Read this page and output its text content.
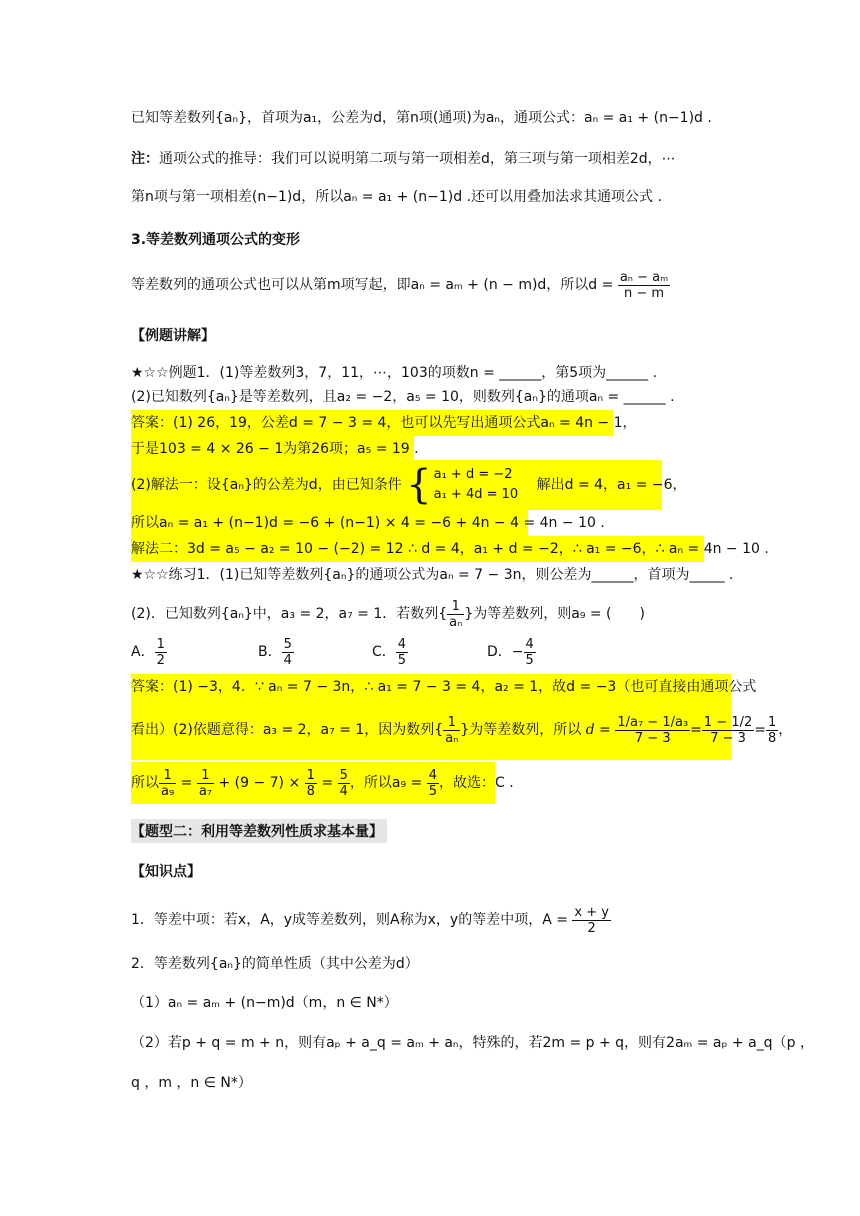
已知等差数列{aₙ}，首项为a₁，公差为d，第n项(通项)为aₙ，通项公式：aₙ = a₁ + (n−1)d .
注：通项公式的推导：我们可以说明第二项与第一项相差d，第三项与第一项相差2d，⋯
第n项与第一项相差(n−1)d，所以aₙ = a₁ + (n−1)d .还可以用叠加法求其通项公式 .
3.等差数列通项公式的变形
等差数列的通项公式也可以从第m项写起，即aₙ = aₘ + (n − m)d，所以$d = \frac{\text{aₙ − aₘ}}{n - m}$
【例题讲解】
★☆☆例题1．(1)等差数列3，7，11，⋯，103的项数n = ______，第5项为______ .
(2)已知数列{aₙ}是等差数列，且a₂ = −2，a₅ = 10，则数列{aₙ}的通项aₙ = ______ .
答案：(1) 26，19，公差d = 7 − 3 = 4，也可以先写出通项公式aₙ = 4n − 1，
于是103 = 4 × 26 − 1为第26项；a₅ = 19 .
(2)解法一：设{aₙ}的公差为d，由已知条件 { a₁ + d = −2
a₁ + 4d = 10
解出d = 4，a₁ = −6，
所以aₙ = a₁ + (n−1)d = −6 + (n−1) × 4 = −6 + 4n − 4 = 4n − 10 .
解法二：3d = a₅ − a₂ = 10 − (−2) = 12 ∴ d = 4，a₁ + d = −2，∴ a₁ = −6，∴ aₙ = 4n − 10 .
★☆☆练习1．(1)已知等差数列{aₙ}的通项公式为aₙ = 7 − 3n，则公差为______，首项为_____ .
(2)．已知数列{aₙ}中，a₃ = 2，a₇ = 1．若数列{ $\frac{1}{\text{aₙ}}$ }为等差数列，则a₉ = (　　)
A． $\frac{1}{2}$	B． $\frac{5}{4}$	C． $\frac{4}{5}$	D．− $\frac{4}{5}$
答案：(1) −3，4．∵ aₙ = 7 − 3n，∴ a₁ = 7 − 3 = 4，a₂ = 1，故d = −3（也可直接由通项公式
看出）(2)依题意得：a₃ = 2，a₇ = 1，因为数列{ $\frac{1}{\text{aₙ}}$ }为等差数列，所以 $d = \frac{\text{1/a₇ − 1/a₃}}{7 - 3} = \frac{1 - 1/2}{7 - 3} = \frac{1}{8}$ ，
所以 $\frac{1}{\text{a₉}} = \frac{1}{\text{a₇}} + (9 - 7) \times \frac{1}{8} = \frac{5}{4}$ ，所以$a_9 = \frac{4}{5}$ ，故选：C .
【题型二：利用等差数列性质求基本量】
【知识点】
1．等差中项：若x，A，y成等差数列，则A称为x，y的等差中项，$A = \frac{x + y}{2}$
2．等差数列{aₙ}的简单性质（其中公差为d）
（1）aₙ = aₘ + (n−m)d（m，n ∈ N*）
（2）若p + q = m + n，则有aₚ + a_q = aₘ + aₙ，特殊的，若2m = p + q，则有2aₘ = aₚ + a_q（p ，
q ，m ，n ∈ N*）
